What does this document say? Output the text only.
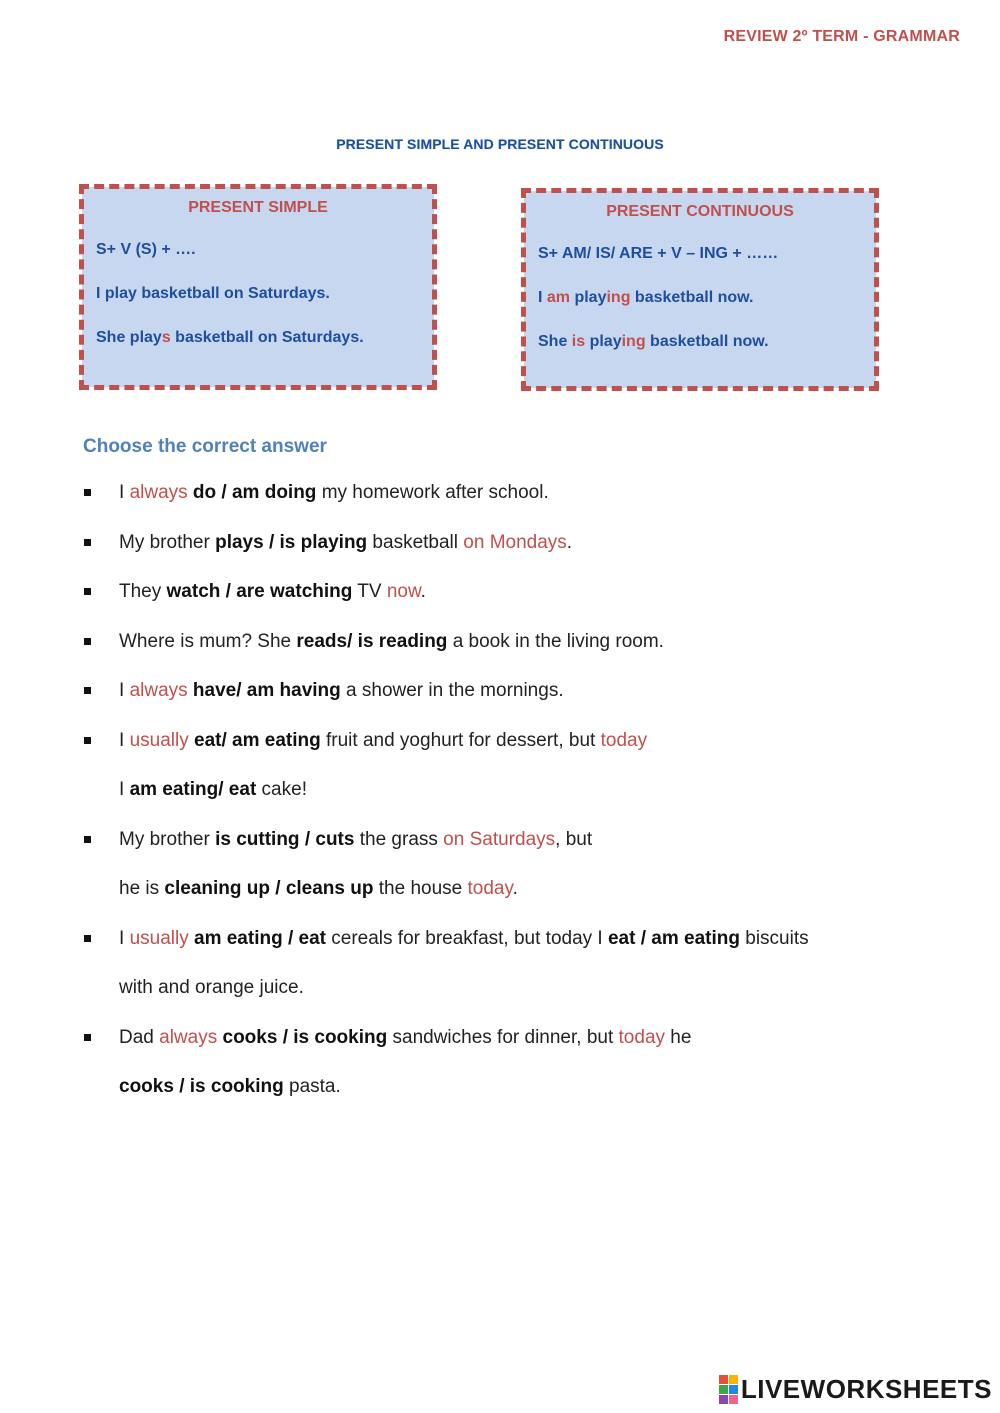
REVIEW 2º TERM - GRAMMAR
PRESENT SIMPLE AND PRESENT CONTINUOUS
PRESENT SIMPLE
S+ V (S) + ….
I play basketball on Saturdays.
She plays basketball on Saturdays.
PRESENT CONTINUOUS
S+ AM/ IS/ ARE + V – ING + ……
I am playing basketball now.
She is playing basketball now.
Choose the correct answer
I always do / am doing my homework after school.
My brother plays / is playing basketball on Mondays.
They watch / are watching TV now.
Where is mum? She reads/ is reading a book in the living room.
I always have/ am having a shower in the mornings.
I usually eat/ am eating fruit and yoghurt for dessert, but today
I am eating/ eat cake!
My brother is cutting / cuts the grass on Saturdays, but
he is cleaning up / cleans up the house today.
I usually am eating / eat cereals for breakfast, but today I eat / am eating biscuits
with and orange juice.
Dad always cooks / is cooking sandwiches for dinner, but today he
cooks / is cooking pasta.
LIVEWORKSHEETS
